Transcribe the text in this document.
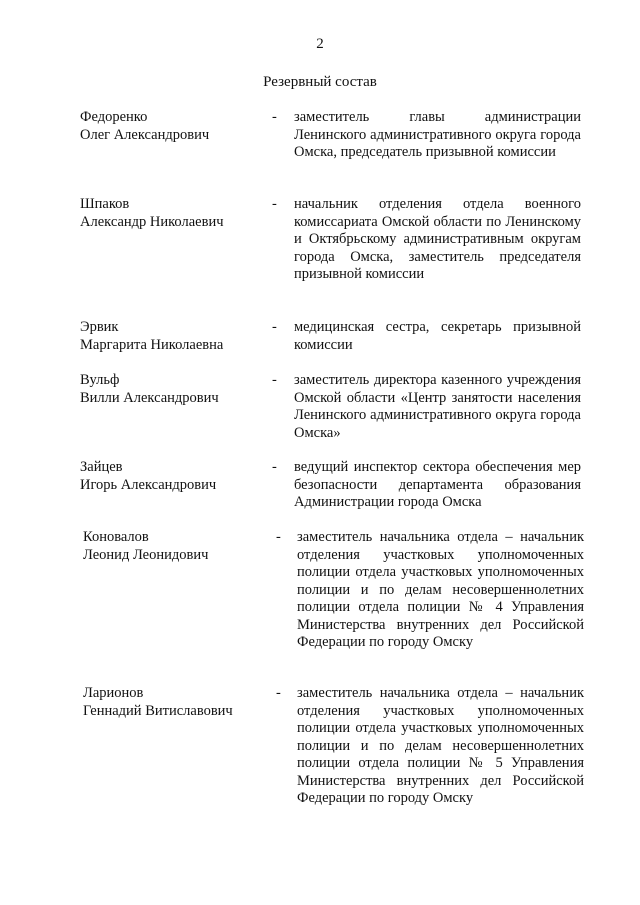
2
Резервный состав
Федоренко
Олег Александрович
- заместитель главы администрации Ленинского административного округа города Омска, председатель призывной комиссии
Шпаков
Александр Николаевич
- начальник отделения отдела военного комиссариата Омской области по Ленинскому и Октябрьскому административным округам города Омска, заместитель председателя призывной комиссии
Эрвик
Маргарита Николаевна
- медицинская сестра, секретарь призывной комиссии
Вульф
Вилли Александрович
- заместитель директора казенного учреждения Омской области «Центр занятости населения Ленинского административного округа города Омска»
Зайцев
Игорь Александрович
- ведущий инспектор сектора обеспечения мер безопасности департамента образования Администрации города Омска
Коновалов
Леонид Леонидович
- заместитель начальника отдела – начальник отделения участковых уполномоченных полиции отдела участковых уполномоченных полиции и по делам несовершеннолетних полиции отдела полиции № 4 Управления Министерства внутренних дел Российской Федерации по городу Омску
Ларионов
Геннадий Витиславович
- заместитель начальника отдела – начальник отделения участковых уполномоченных полиции отдела участковых уполномоченных полиции и по делам несовершеннолетних полиции отдела полиции № 5 Управления Министерства внутренних дел Российской Федерации по городу Омску
